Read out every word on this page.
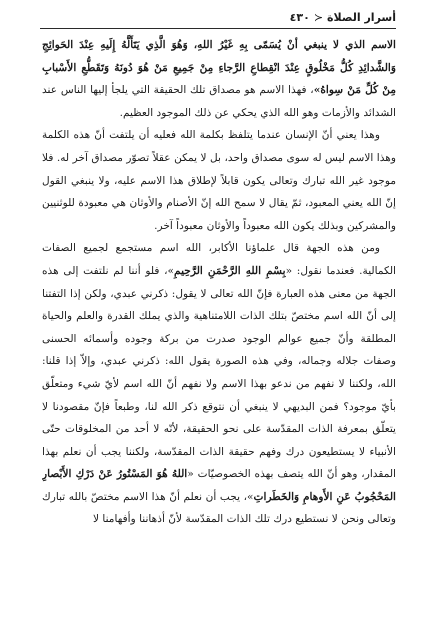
٤٣٠ ≻ أسرار الصلاة

الاسم الذي لا ينبغي أنْ يُسَمّى بِهِ غَيْرُ اللهِ، وَهُوَ الَّذِي يَتَأَلَّهُ إِلَيهِ عِنْدَ الحَوائِجِ وَالشَّدائِدِ كُلُّ مَخْلُوقٍ عِنْدَ انْقِطاعِ الرَّجاءِ مِنْ جَمِيعِ مَنْ هُوَ دُونَهُ وَتَقَطُّعِ الأَسْبابِ مِنْ كُلِّ مَنْ سِواهُ»، فهذا الاسم هو مصداق تلك الحقيقة التي يلجأ إليها الناس عند الشدائد والأزمات وهو الله الذي يحكي عن ذلك الموجود العظيم.

وهذا يعني أنّ الإنسان عندما يتلفظ بكلمة الله فعليه أن يلتفت أنّ هذه الكلمة وهذا الاسم ليس له سوى مصداق واحد، بل لا يمكن عقلاً تصوّر مصداق آخر له. فلا موجود غير الله تبارك وتعالى يكون قابلاً لإطلاق هذا الاسم عليه، ولا ينبغي القول إنّ الله يعني المعبود، ثمّ يقال لا سمح الله إنّ الأصنام والأوثان هي معبودة للوثنيين والمشركين وبذلك يكون الله معبوداً والأوثان معبوداً آخر.

ومن هذه الجهة قال علماؤنا الأكابر، الله اسم مستجمع لجميع الصفات الكمالية. فعندما نقول: «بِسْمِ اللهِ الرَّحْمَنِ الرَّحِيمِ»، فلو أننا لم نلتفت إلى هذه الجهة من معنى هذه العبارة فإنّ الله تعالى لا يقول: ذكرني عبدي، ولكن إذا التفتنا إلى أنّ الله اسم مختصّ بتلك الذات اللامتناهية والذي يملك القدرة والعلم والحياة المطلقة وأنّ جميع عوالم الوجود صدرت من بركة وجوده وأسمائه الحسنى وصفات جلاله وجماله، وفي هذه الصورة يقول الله: ذكرني عبدي، وإلاّ إذا قلنا: الله، ولكننا لا نفهم من ندعو بهذا الاسم ولا نفهم أنّ الله اسم لأيّ شيء ومتعلّق بأيّ موجود؟ فمن البديهي لا ينبغي أن نتوقع ذكر الله لنا، وطبعاً فإنّ مقصودنا لا يتعلّق بمعرفة الذات المقدّسة على نحو الحقيقة، لأنّه لا أحد من المخلوقات حتّى الأنبياء لا يستطيعون درك وفهم حقيقة الذات المقدّسة، ولكننا يجب أن نعلم بهذا المقدار، وهو أنّ الله يتصف بهذه الخصوصيّات «اللهُ هُوَ المَسْتُورُ عَنْ دَرْكِ الأَبْصارِ المَحْجُوبُ عَنِ الأَوهامِ وَالخَطَراتِ»، يجب أن نعلم أنّ هذا الاسم مختصّ بالله تبارك وتعالى ونحن لا نستطيع درك تلك الذات المقدّسة لأنّ أذهاننا وأفهامنا لا
